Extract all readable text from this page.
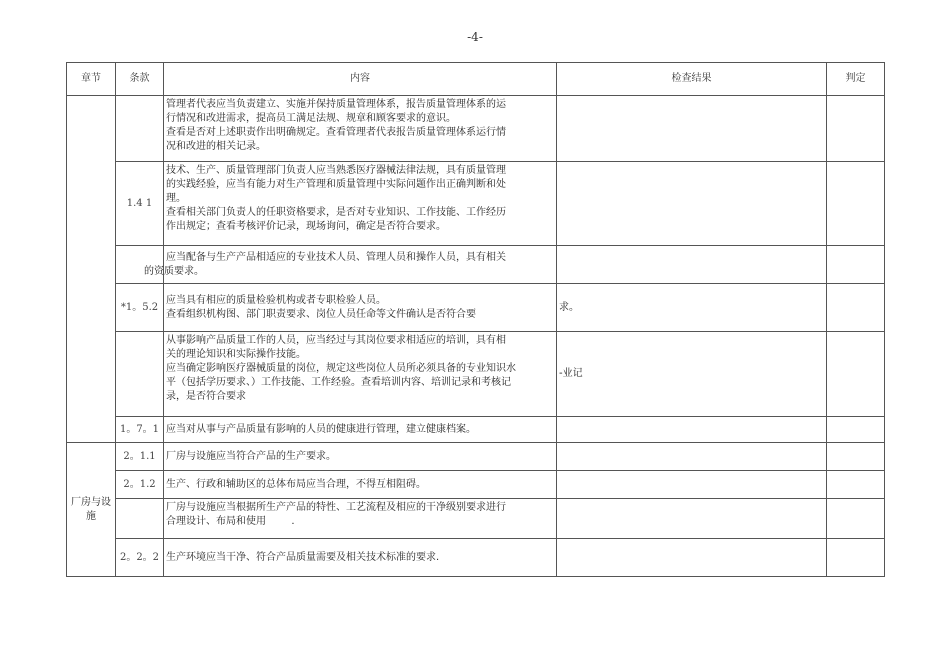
-4-
章节	条款	内容	检查结果	判定

		管理者代表应当负责建立、实施并保持质量管理体系，报告质量管理体系的运
行情况和改进需求，提高员工满足法规、规章和顾客要求的意识。
查看是否对上述职责作出明确规定。查看管理者代表报告质量管理体系运行情
况和改进的相关记录。		

	1.4 1	技术、生产、质量管理部门负责人应当熟悉医疗器械法律法规，具有质量管理
的实践经验，应当有能力对生产管理和质量管理中实际问题作出正确判断和处
理。
查看相关部门负责人的任职资格要求，是否对专业知识、工作技能、工作经历
作出规定；查看考核评价记录，现场询问，确定是否符合要求。		

		应当配备与生产产品相适应的专业技术人员、管理人员和操作人员，具有相关
的资质要求。		

	*1。5.2	应当具有相应的质量检验机构或者专职检验人员。
查看组织机构图、部门职责要求、岗位人员任命等文件确认是否符合要	求。	

		从事影响产品质量工作的人员，应当经过与其岗位要求相适应的培训，具有相
关的理论知识和实际操作技能。
应当确定影响医疗器械质量的岗位，规定这些岗位人员所必须具备的专业知识水
平（包括学历要求、）工作技能、工作经验。查看培训内容、培训记录和考核记
录，是否符合要求	-业记	
	1。7。1	应当对从事与产品质量有影响的人员的健康进行管理，建立健康档案。		

厂房与设施	2。1.1	厂房与设施应当符合产品的生产要求。		

	2。1.2	生产、行政和辅助区的总体布局应当合理，不得互相阻碍。		

		厂房与设施应当根据所生产产品的特性、工艺流程及相应的干净级别要求进行
合理设计、布局和使用        .		

	2。2。2	生产环境应当干净、符合产品质量需要及相关技术标准的要求.		
